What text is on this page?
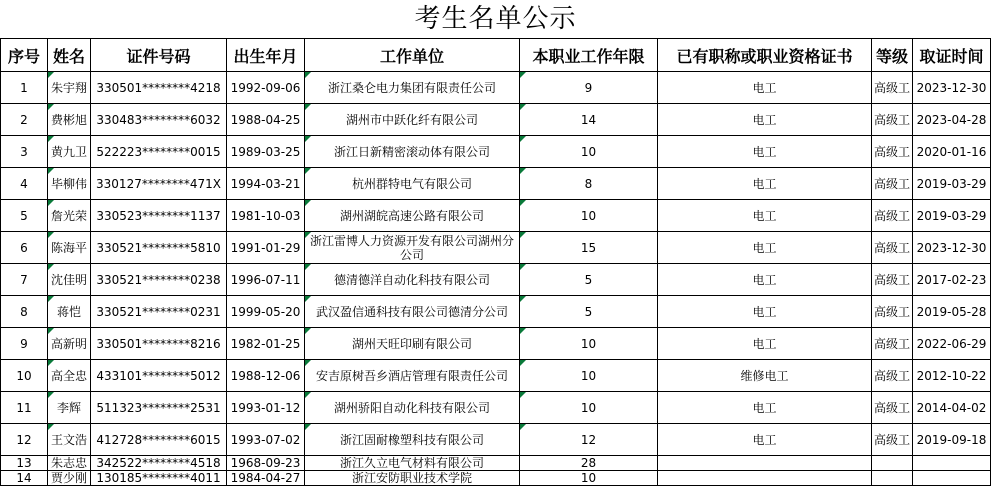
考生名单公示
序号	姓名	证件号码	出生年月	工作单位	本职业工作年限	已有职称或职业资格证书	等级	取证时间
1	朱宇翔	330501********4218	1992-09-06	浙江桑仑电力集团有限责任公司	9	电工	高级工	2023-12-30
2	费彬旭	330483********6032	1988-04-25	湖州市中跃化纤有限公司	14	电工	高级工	2023-04-28
3	黄九卫	522223********0015	1989-03-25	浙江日新精密滚动体有限公司	10	电工	高级工	2020-01-16
4	毕柳伟	330127********471X	1994-03-21	杭州群特电气有限公司	8	电工	高级工	2019-03-29
5	詹光荣	330523********1137	1981-10-03	湖州湖皖高速公路有限公司	10	电工	高级工	2019-03-29
6	陈海平	330521********5810	1991-01-29	浙江雷博人力资源开发有限公司湖州分公司	15	电工	高级工	2023-12-30
7	沈佳明	330521********0238	1996-07-11	德清德洋自动化科技有限公司	5	电工	高级工	2017-02-23
8	蒋恺	330521********0231	1999-05-20	武汉盈信通科技有限公司德清分公司	5	电工	高级工	2019-05-28
9	高新明	330501********8216	1982-01-25	湖州天旺印刷有限公司	10	电工	高级工	2022-06-29
10	高全忠	433101********5012	1988-12-06	安吉原树吾乡酒店管理有限责任公司	10	维修电工	高级工	2012-10-22
11	李辉	511323********2531	1993-01-12	湖州骄阳自动化科技有限公司	10	电工	高级工	2014-04-02
12	王文浩	412728********6015	1993-07-02	浙江固耐橡塑科技有限公司	12	电工	高级工	2019-09-18
13	朱志忠	342522********4518	1968-09-23	浙江久立电气材料有限公司	28			
14	贾少刚	130185********4011	1984-04-27	浙江安防职业技术学院	10			
